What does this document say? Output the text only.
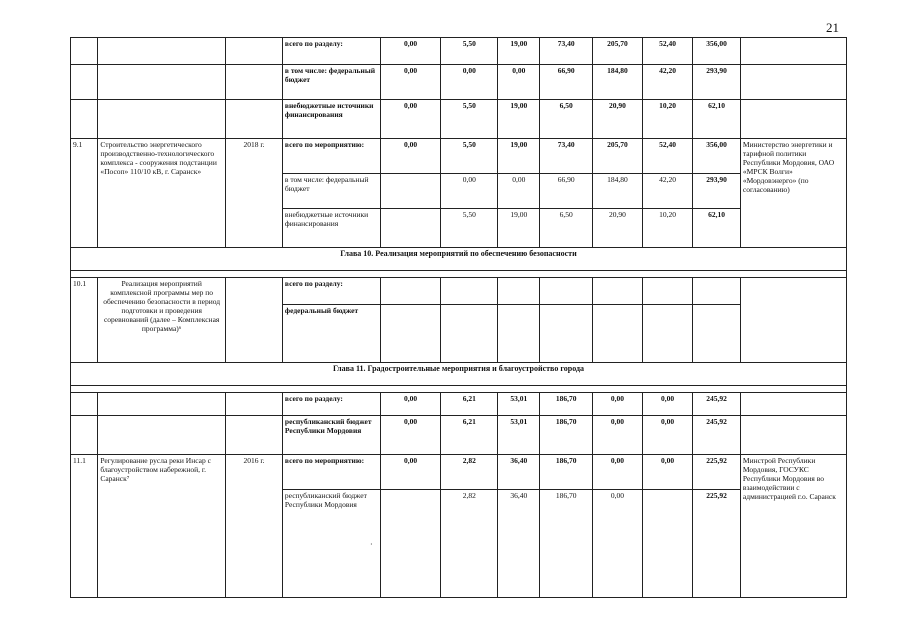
21
			всего по разделу:	0,00	5,50	19,00	73,40	205,70	52,40	356,00	
			в том числе: федеральный бюджет	0,00	0,00	0,00	66,90	184,80	42,20	293,90	
			внебюджетные источники финансирования	0,00	5,50	19,00	6,50	20,90	10,20	62,10	
9.1	Строительство энергетического производственно-технологического комплекса - сооружения подстанции «Посоп» 110/10 кВ, г. Саранск»	2018 г.	всего по мероприятию:	0,00	5,50	19,00	73,40	205,70	52,40	356,00	Министерство энергетики и тарифной политики Республики Мордовия, ОАО «МРСК Волги» «Мордовэнерго» (по согласованию)
			в том числе: федеральный бюджет		0,00	0,00	66,90	184,80	42,20	293,90	
			внебюджетные источники финансирования		5,50	19,00	6,50	20,90	10,20	62,10	
Глава 10. Реализация мероприятий по обеспечению безопасности											

10.1	Реализация мероприятий комплексной программы мер по обеспечению безопасности в период подготовки и проведения соревнований (далее – Комплексная программа)⁶		всего по разделу:								
			федеральный бюджет								
Глава 11. Градостроительные мероприятия и благоустройство города											

			всего по разделу:	0,00	6,21	53,01	186,70	0,00	0,00	245,92	
			республиканский бюджет Республики Мордовия	0,00	6,21	53,01	186,70	0,00	0,00	245,92	
11.1	Регулирование русла реки Инсар с благоустройством набережной, г. Саранск⁷	2016 г.	всего по мероприятию:	0,00	2,82	36,40	186,70	0,00	0,00	225,92	Минстрой Республики Мордовия, ГОСУКС Республики Мордовия во взаимодействии с администрацией г.о. Саранск
			республиканский бюджет Республики Мордовия		2,82	36,40	186,70	0,00		225,92	
·
